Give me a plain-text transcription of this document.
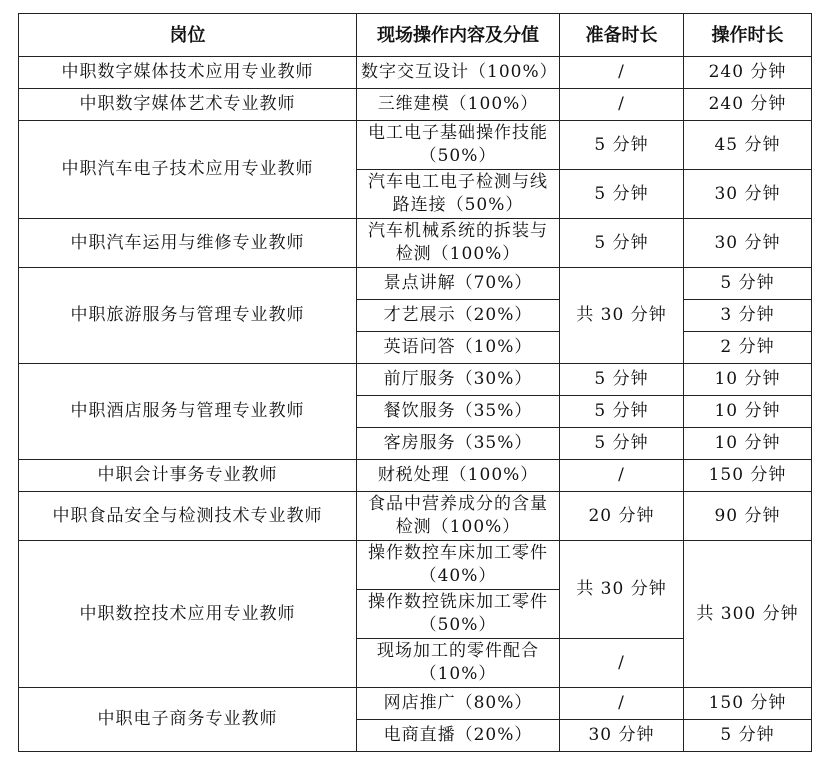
岗位	现场操作内容及分值	准备时长	操作时长
中职数字媒体技术应用专业教师	数字交互设计（100%）	/	240 分钟
中职数字媒体艺术专业教师	三维建模（100%）	/	240 分钟
中职汽车电子技术应用专业教师	电工电子基础操作技能（50%）	5 分钟	45 分钟
	汽车电工电子检测与线路连接（50%）	5 分钟	30 分钟
中职汽车运用与维修专业教师	汽车机械系统的拆装与检测（100%）	5 分钟	30 分钟
中职旅游服务与管理专业教师	景点讲解（70%）	共 30 分钟	5 分钟
	才艺展示（20%）		3 分钟
	英语问答（10%）		2 分钟
中职酒店服务与管理专业教师	前厅服务（30%）	5 分钟	10 分钟
	餐饮服务（35%）	5 分钟	10 分钟
	客房服务（35%）	5 分钟	10 分钟
中职会计事务专业教师	财税处理（100%）	/	150 分钟
中职食品安全与检测技术专业教师	食品中营养成分的含量检测（100%）	20 分钟	90 分钟
中职数控技术应用专业教师	操作数控车床加工零件（40%）	共 30 分钟	共 300 分钟
	操作数控铣床加工零件（50%）		
	现场加工的零件配合（10%）	/	
中职电子商务专业教师	网店推广（80%）	/	150 分钟
	电商直播（20%）	30 分钟	5 分钟
